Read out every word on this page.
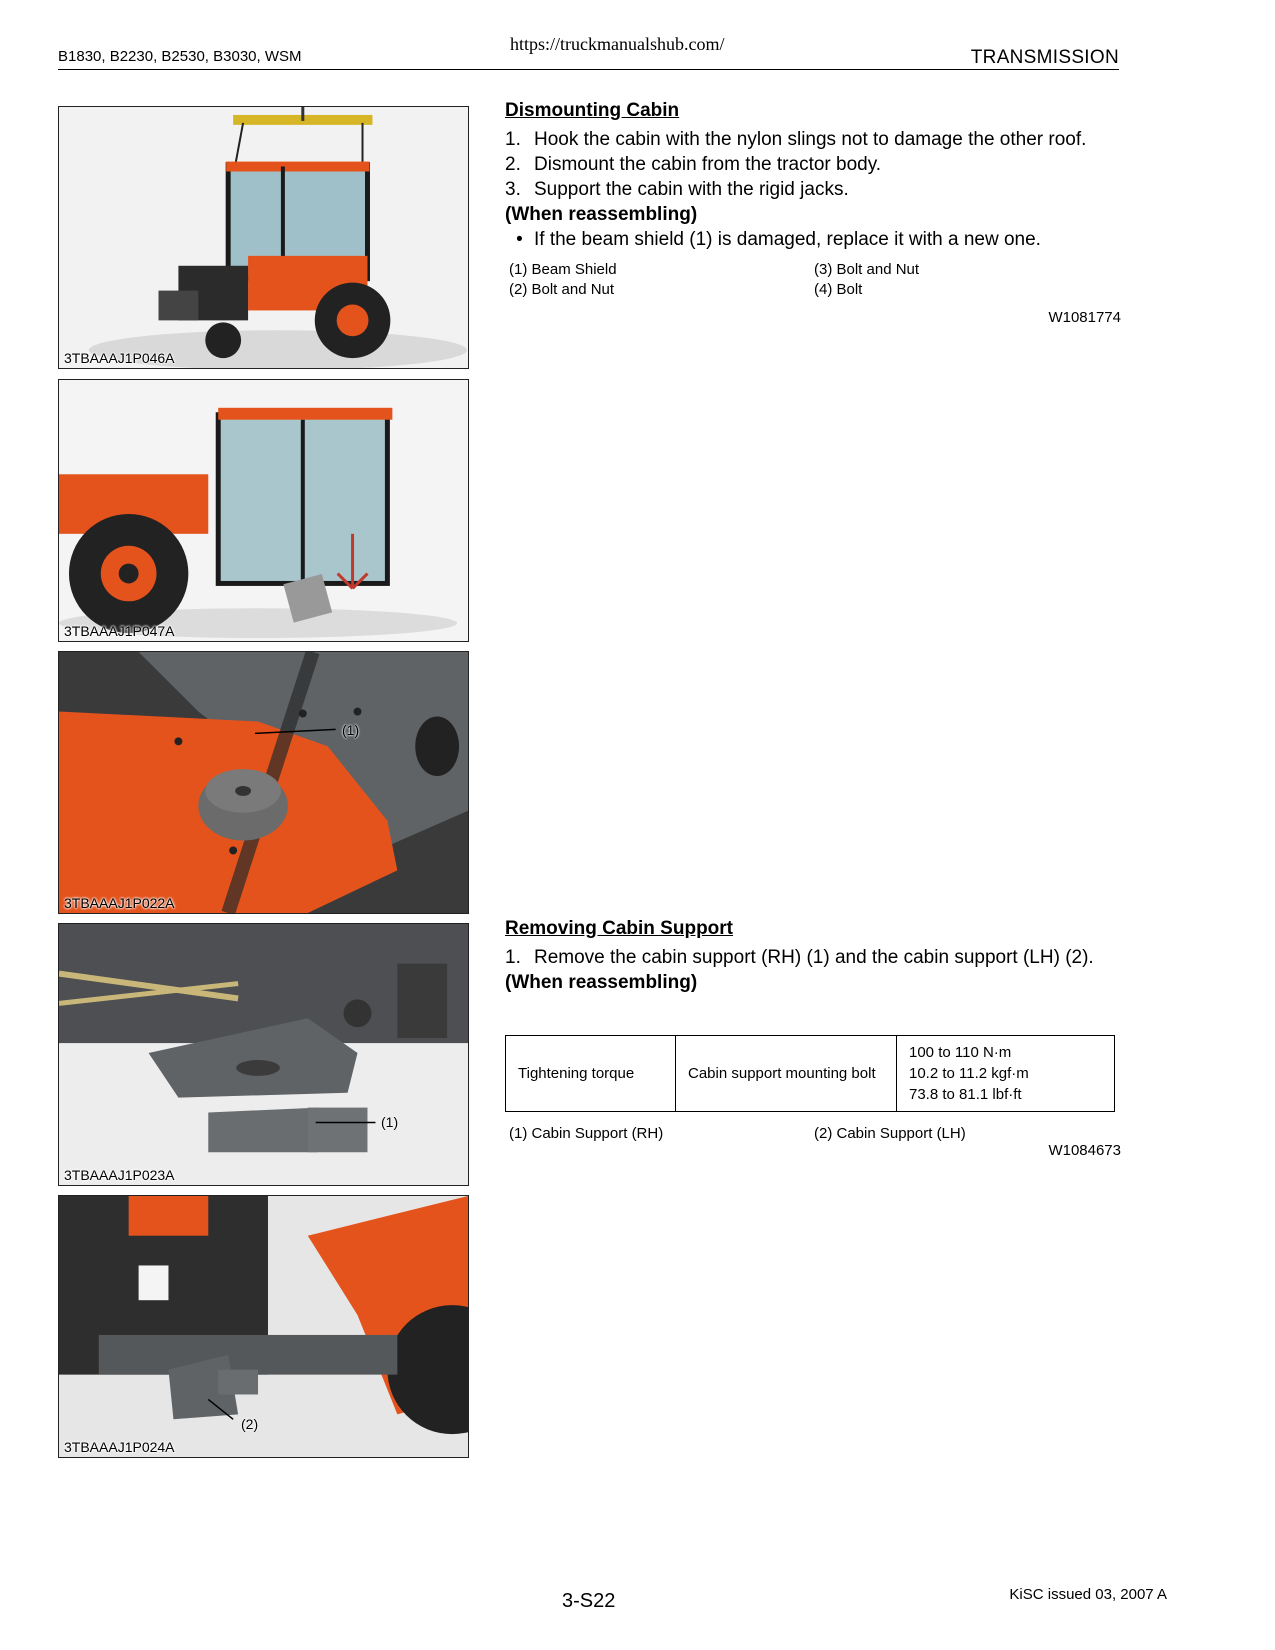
B1830, B2230, B2530, B3030, WSM
https://truckmanualshub.com/
TRANSMISSION
3TBAAAJ1P046A
3TBAAAJ1P047A
(1)
3TBAAAJ1P022A
(1)
3TBAAAJ1P023A
(2)
3TBAAAJ1P024A
Dismounting Cabin
1. Hook the cabin with the nylon slings not to damage the other roof.
2. Dismount the cabin from the tractor body.
3. Support the cabin with the rigid jacks.
(When reassembling)
• If the beam shield (1) is damaged, replace it with a new one.
(1) Beam Shield
(2) Bolt and Nut
(3) Bolt and Nut
(4) Bolt
W1081774
Removing Cabin Support
1. Remove the cabin support (RH) (1) and the cabin support (LH) (2).
(When reassembling)
Tightening torque	Cabin support mounting bolt	
100 to 110 N·m
10.2 to 11.2 kgf·m
73.8 to 81.1 lbf·ft
(1) Cabin Support (RH)	(2) Cabin Support (LH)
W1084673
3-S22	KiSC issued 03, 2007 A
